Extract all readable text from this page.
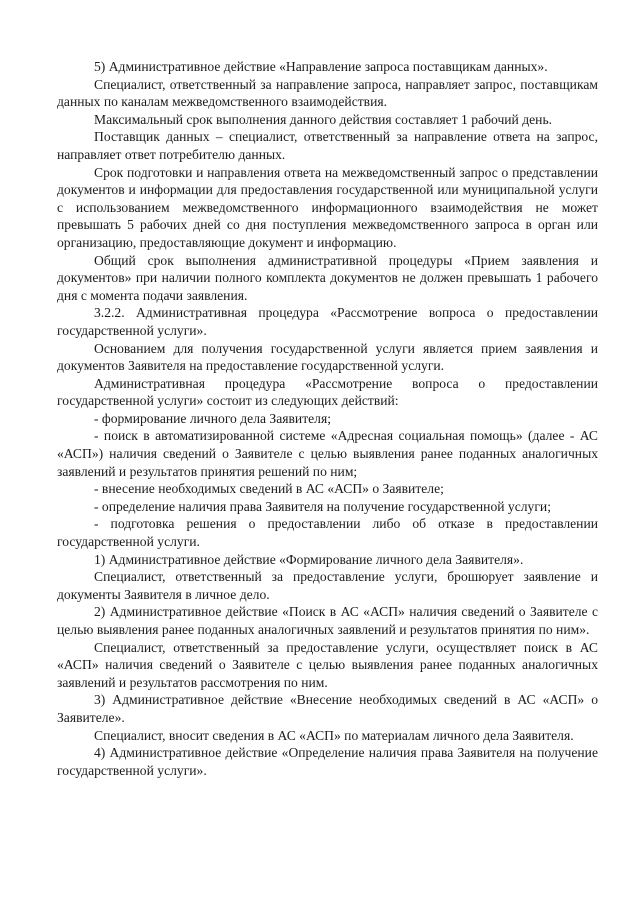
5) Административное действие «Направление запроса поставщикам данных».

Специалист, ответственный за направление запроса, направляет запрос, поставщикам данных по каналам межведомственного взаимодействия.

Максимальный срок выполнения данного действия составляет 1 рабочий день.

Поставщик данных – специалист, ответственный за направление ответа на запрос, направляет ответ потребителю данных.

Срок подготовки и направления ответа на межведомственный запрос о представлении документов и информации для предоставления государственной или муниципальной услуги с использованием межведомственного информационного взаимодействия не может превышать 5 рабочих дней со дня поступления межведомственного запроса в орган или организацию, предоставляющие документ и информацию.

Общий срок выполнения административной процедуры «Прием заявления и документов» при наличии полного комплекта документов не должен превышать 1 рабочего дня с момента подачи заявления.

3.2.2. Административная процедура «Рассмотрение вопроса о предоставлении государственной услуги».

Основанием для получения государственной услуги является прием заявления и документов Заявителя на предоставление государственной услуги.

Административная процедура «Рассмотрение вопроса о предоставлении государственной услуги» состоит из следующих действий:

- формирование личного дела Заявителя;

- поиск в автоматизированной системе «Адресная социальная помощь» (далее - АС «АСП») наличия сведений о Заявителе с целью выявления ранее поданных аналогичных заявлений и результатов принятия решений по ним;

- внесение необходимых сведений в АС «АСП» о Заявителе;

- определение наличия права Заявителя на получение государственной услуги;

- подготовка решения о предоставлении либо об отказе в предоставлении государственной услуги.

1) Административное действие «Формирование личного дела Заявителя».

Специалист, ответственный за предоставление услуги, брошюрует заявление и документы Заявителя в личное дело.

2) Административное действие «Поиск в АС «АСП» наличия сведений о Заявителе с целью выявления ранее поданных аналогичных заявлений и результатов принятия по ним».

Специалист, ответственный за предоставление услуги, осуществляет поиск в АС «АСП» наличия сведений о Заявителе с целью выявления ранее поданных аналогичных заявлений и результатов рассмотрения по ним.

3) Административное действие «Внесение необходимых сведений в АС «АСП» о Заявителе».

Специалист, вносит сведения в АС «АСП» по материалам личного дела Заявителя.

4) Административное действие «Определение наличия права Заявителя на получение государственной услуги».
